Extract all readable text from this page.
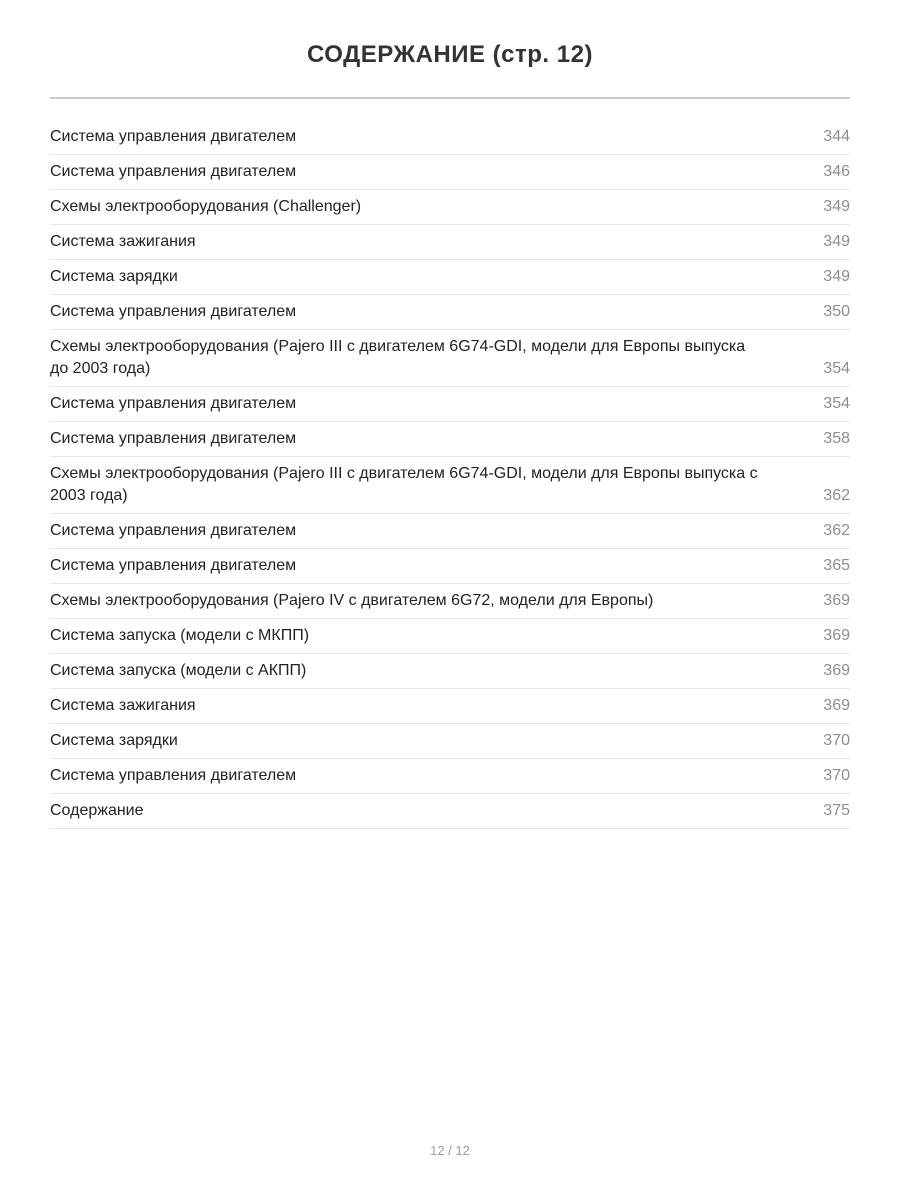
СОДЕРЖАНИЕ (стр. 12)
Система управления двигателем	344
Система управления двигателем	346
Схемы электрооборудования (Challenger)	349
Система зажигания	349
Система зарядки	349
Система управления двигателем	350
Схемы электрооборудования (Pajero III с двигателем 6G74-GDI, модели для Европы выпуска до 2003 года)	354
Система управления двигателем	354
Система управления двигателем	358
Схемы электрооборудования (Pajero III с двигателем 6G74-GDI, модели для Европы выпуска с 2003 года)	362
Система управления двигателем	362
Система управления двигателем	365
Схемы электрооборудования (Pajero IV с двигателем 6G72, модели для Европы)	369
Система запуска (модели с МКПП)	369
Система запуска (модели с АКПП)	369
Система зажигания	369
Система зарядки	370
Система управления двигателем	370
Содержание	375
12 / 12
